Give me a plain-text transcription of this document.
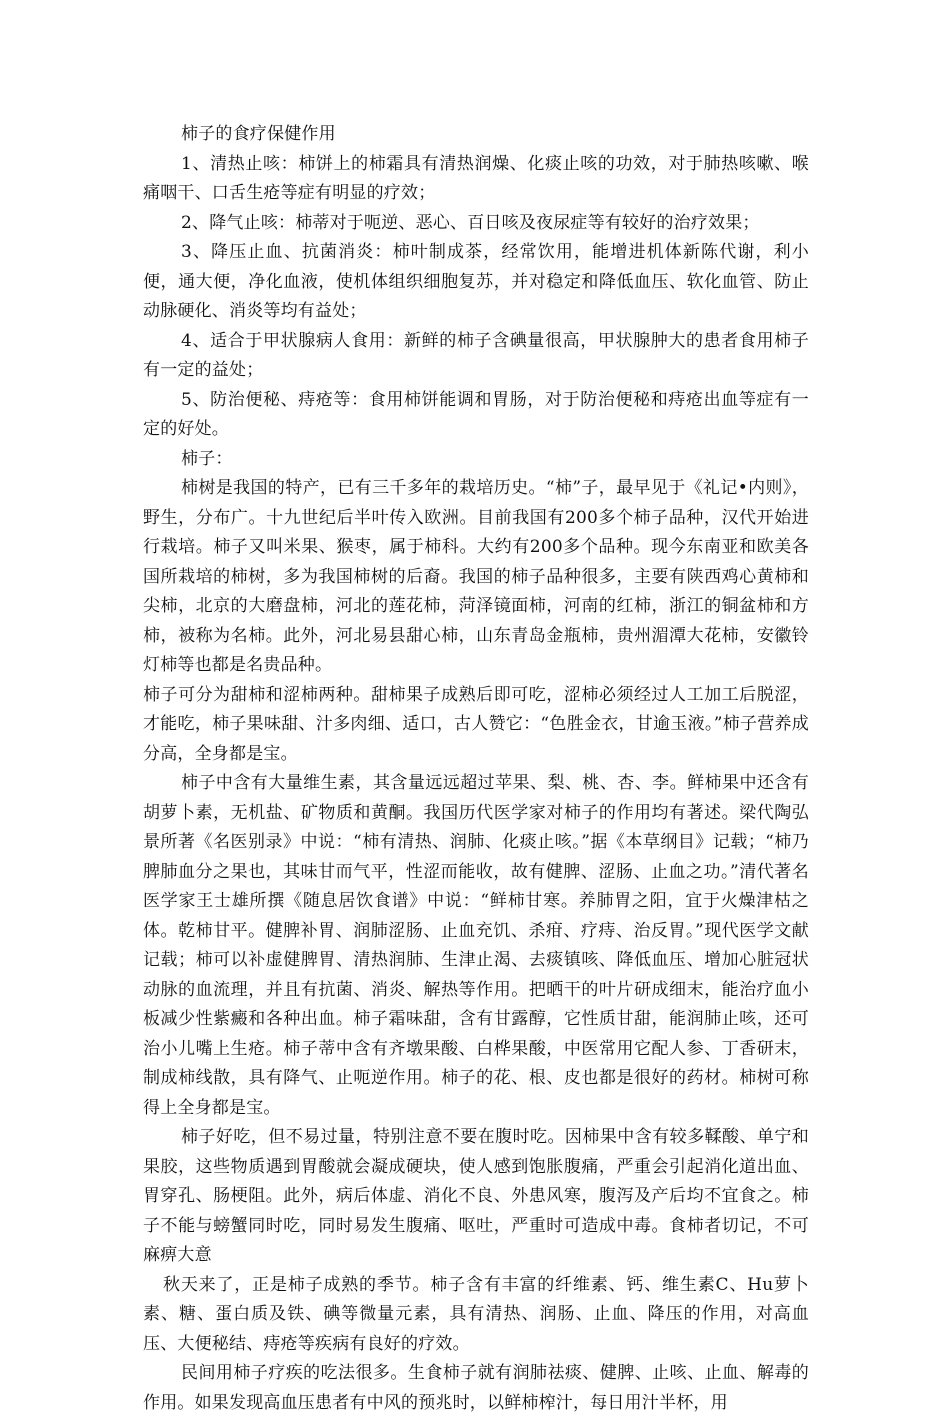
柿子的食疗保健作用

1、清热止咳：柿饼上的柿霜具有清热润燥、化痰止咳的功效，对于肺热咳嗽、喉痛咽干、口舌生疮等症有明显的疗效；

2、降气止咳：柿蒂对于呃逆、恶心、百日咳及夜尿症等有较好的治疗效果；

3、降压止血、抗菌消炎：柿叶制成茶，经常饮用，能增进机体新陈代谢，利小便，通大便，净化血液，使机体组织细胞复苏，并对稳定和降低血压、软化血管、防止动脉硬化、消炎等均有益处；

4、适合于甲状腺病人食用：新鲜的柿子含碘量很高，甲状腺肿大的患者食用柿子有一定的益处；

5、防治便秘、痔疮等：食用柿饼能调和胃肠，对于防治便秘和痔疮出血等症有一定的好处。

柿子：

柿树是我国的特产，已有三千多年的栽培历史。“柿”子，最早见于《礼记•内则》，野生，分布广。十九世纪后半叶传入欧洲。目前我国有200多个柿子品种，汉代开始进行栽培。柿子又叫米果、猴枣，属于柿科。大约有200多个品种。现今东南亚和欧美各国所栽培的柿树，多为我国柿树的后裔。我国的柿子品种很多，主要有陕西鸡心黄柿和尖柿，北京的大磨盘柿，河北的莲花柿，菏泽镜面柿，河南的红柿，浙江的铜盆柿和方柿，被称为名柿。此外，河北易县甜心柿，山东青岛金瓶柿，贵州湄潭大花柿，安徽铃灯柿等也都是名贵品种。

柿子可分为甜柿和涩柿两种。甜柿果子成熟后即可吃，涩柿必须经过人工加工后脱涩，才能吃，柿子果味甜、汁多肉细、适口，古人赞它：“色胜金衣，甘逾玉液。”柿子营养成分高，全身都是宝。

柿子中含有大量维生素，其含量远远超过苹果、梨、桃、杏、李。鲜柿果中还含有胡萝卜素，无机盐、矿物质和黄酮。我国历代医学家对柿子的作用均有著述。梁代陶弘景所著《名医别录》中说：“柿有清热、润肺、化痰止咳。”据《本草纲目》记载；“柿乃脾肺血分之果也，其味甘而气平，性涩而能收，故有健脾、涩肠、止血之功。”清代著名医学家王士雄所撰《随息居饮食谱》中说：“鲜柿甘寒。养肺胃之阳，宜于火燥津枯之体。乾柿甘平。健脾补胃、润肺涩肠、止血充饥、杀疳、疗痔、治反胃。”现代医学文献记载；柿可以补虚健脾胃、清热润肺、生津止渴、去痰镇咳、降低血压、增加心脏冠状动脉的血流理，并且有抗菌、消炎、解热等作用。把晒干的叶片研成细末，能治疗血小板减少性紫癜和各种出血。柿子霜味甜，含有甘露醇，它性质甘甜，能润肺止咳，还可治小儿嘴上生疮。柿子蒂中含有齐墩果酸、白桦果酸，中医常用它配人参、丁香研末，制成柿线散，具有降气、止呃逆作用。柿子的花、根、皮也都是很好的药材。柿树可称得上全身都是宝。

柿子好吃，但不易过量，特别注意不要在腹时吃。因柿果中含有较多鞣酸、单宁和果胶，这些物质遇到胃酸就会凝成硬块，使人感到饱胀腹痛，严重会引起消化道出血、胃穿孔、肠梗阻。此外，病后体虚、消化不良、外患风寒，腹泻及产后均不宜食之。柿子不能与螃蟹同时吃，同时易发生腹痛、呕吐，严重时可造成中毒。食柿者切记，不可麻痹大意

秋天来了，正是柿子成熟的季节。柿子含有丰富的纤维素、钙、维生素C、Hu萝卜素、糖、蛋白质及铁、碘等微量元素，具有清热、润肠、止血、降压的作用，对高血压、大便秘结、痔疮等疾病有良好的疗效。

民间用柿子疗疾的吃法很多。生食柿子就有润肺祛痰、健脾、止咳、止血、解毒的作用。如果发现高血压患者有中风的预兆时，以鲜柿榨汁，每日用汁半杯，用
